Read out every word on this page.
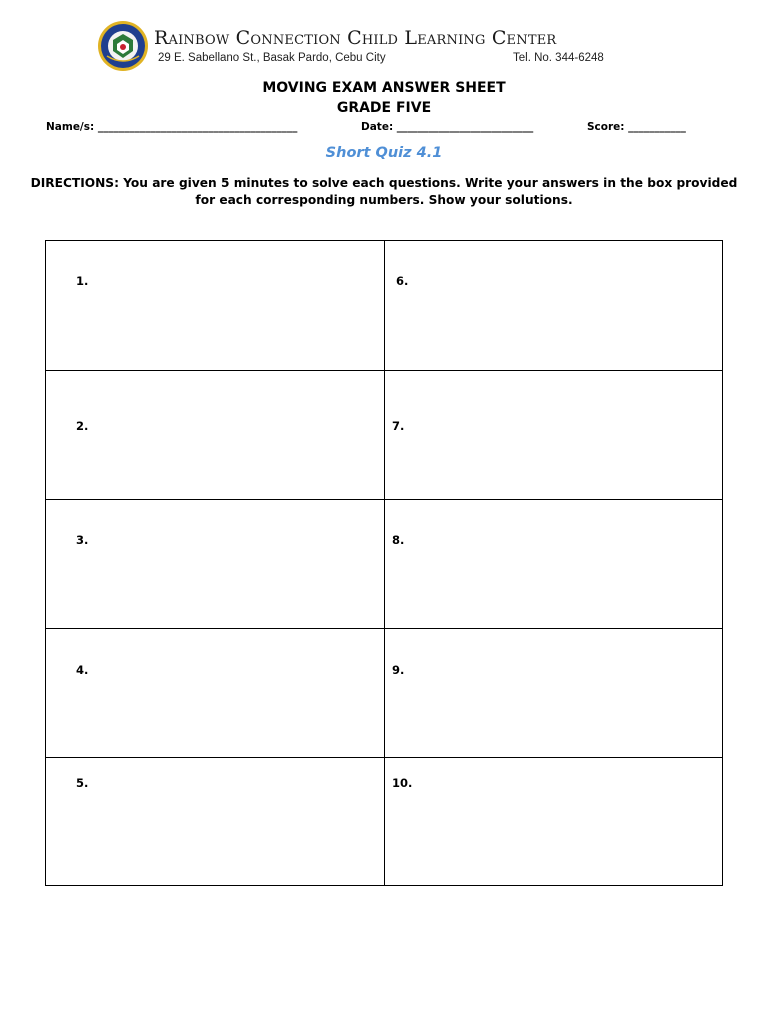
Rainbow Connection Child Learning Center
29 E. Sabellano St., Basak Pardo, Cebu City	Tel. No. 344-6248
MOVING EXAM ANSWER SHEET
GRADE FIVE
Name/s: ______________________________________	Date: __________________________	Score: ___________
Short Quiz 4.1
DIRECTIONS: You are given 5 minutes to solve each questions. Write your answers in the box provided for each corresponding numbers. Show your solutions.
1.	6.
2.	7.
3.	8.
4.	9.
5.	10.
